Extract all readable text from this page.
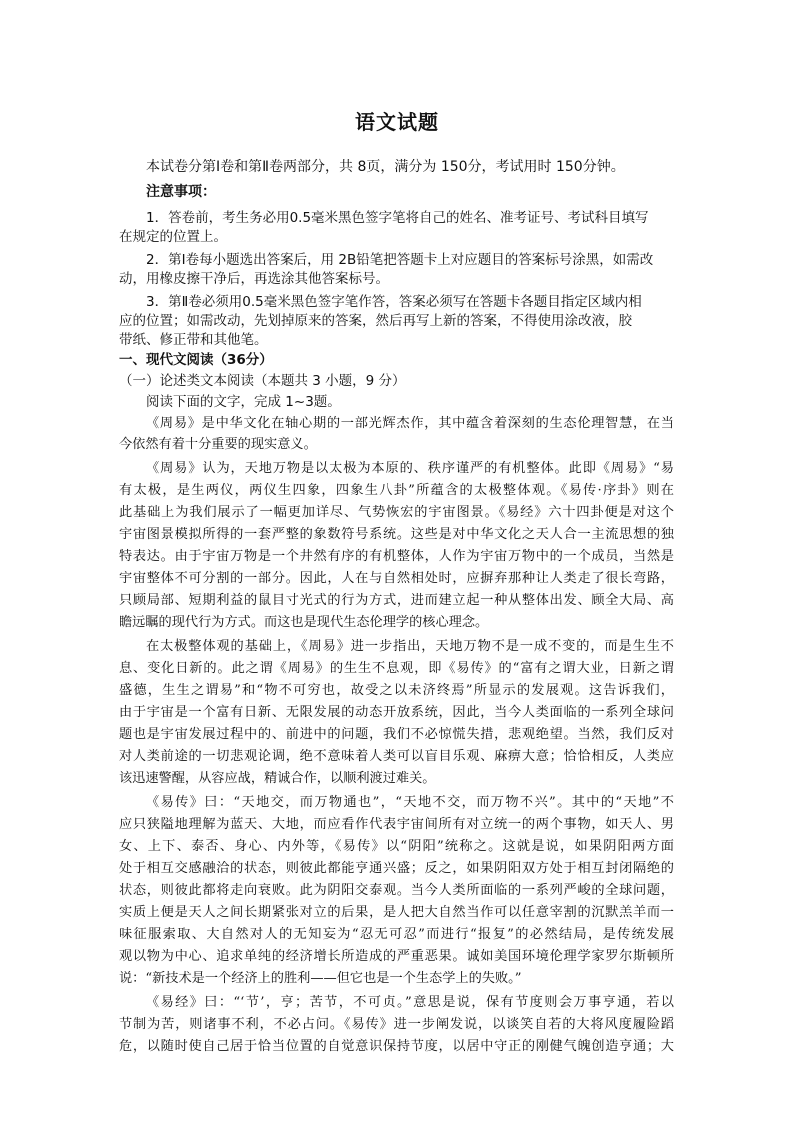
语文试题
本试卷分第Ⅰ卷和第Ⅱ卷两部分，共 8页，满分为 150分，考试用时 150分钟。
注意事项：
1．答卷前，考生务必用0.5毫米黑色签字笔将自己的姓名、准考证号、考试科目填写
在规定的位置上。
2．第Ⅰ卷每小题选出答案后，用 2B铅笔把答题卡上对应题目的答案标号涂黑，如需改
动，用橡皮擦干净后，再选涂其他答案标号。
3．第Ⅱ卷必须用0.5毫米黑色签字笔作答，答案必须写在答题卡各题目指定区域内相
应的位置；如需改动，先划掉原来的答案，然后再写上新的答案，不得使用涂改液，胶
带纸、修正带和其他笔。
一、现代文阅读（36分）
（一）论述类文本阅读（本题共 3 小题，9 分）
阅读下面的文字，完成 1~3题。
《周易》是中华文化在轴心期的一部光辉杰作，其中蕴含着深刻的生态伦理智慧，在当
今依然有着十分重要的现实意义。
《周易》认为，天地万物是以太极为本原的、秩序谨严的有机整体。此即《周易》“易
有太极，是生两仪，两仪生四象，四象生八卦”所蕴含的太极整体观。《易传·序卦》则在
此基础上为我们展示了一幅更加详尽、气势恢宏的宇宙图景。《易经》六十四卦便是对这个
宇宙图景模拟所得的一套严整的象数符号系统。这些是对中华文化之天人合一主流思想的独
特表达。由于宇宙万物是一个井然有序的有机整体，人作为宇宙万物中的一个成员，当然是
宇宙整体不可分割的一部分。因此，人在与自然相处时，应摒弃那种让人类走了很长弯路，
只顾局部、短期利益的鼠目寸光式的行为方式，进而建立起一种从整体出发、顾全大局、高
瞻远瞩的现代行为方式。而这也是现代生态伦理学的核心理念。
在太极整体观的基础上，《周易》进一步指出，天地万物不是一成不变的，而是生生不
息、变化日新的。此之谓《周易》的生生不息观，即《易传》的“富有之谓大业，日新之谓
盛德，生生之谓易”和“物不可穷也，故受之以未济终焉”所显示的发展观。这告诉我们，
由于宇宙是一个富有日新、无限发展的动态开放系统，因此，当今人类面临的一系列全球问
题也是宇宙发展过程中的、前进中的问题，我们不必惊慌失措，悲观绝望。当然，我们反对
对人类前途的一切悲观论调，绝不意味着人类可以盲目乐观、麻痹大意；恰恰相反，人类应
该迅速警醒，从容应战，精诚合作，以顺利渡过难关。
《易传》曰：“天地交，而万物通也”，“天地不交，而万物不兴”。其中的“天地”不
应只狭隘地理解为蓝天、大地，而应看作代表宇宙间所有对立统一的两个事物，如天人、男
女、上下、泰否、身心、内外等，《易传》以“阴阳”统称之。这就是说，如果阴阳两方面
处于相互交感融洽的状态，则彼此都能亨通兴盛；反之，如果阴阳双方处于相互封闭隔绝的
状态，则彼此都将走向衰败。此为阴阳交泰观。当今人类所面临的一系列严峻的全球问题，
实质上便是天人之间长期紧张对立的后果，是人把大自然当作可以任意宰割的沉默羔羊而一
味征服索取、大自然对人的无知妄为“忍无可忍”而进行“报复”的必然结局，是传统发展
观以物为中心、追求单纯的经济增长所造成的严重恶果。诚如美国环境伦理学家罗尔斯顿所
说：“新技术是一个经济上的胜利——但它也是一个生态学上的失败。”
《易经》曰：“‘节’，亨；苦节，不可贞。”意思是说，保有节度则会万事亨通，若以
节制为苦，则诸事不利，不必占问。《易传》进一步阐发说，以谈笑自若的大将风度履险蹈
危，以随时使自己居于恰当位置的自觉意识保持节度，以居中守正的刚健气魄创造亨通；大
